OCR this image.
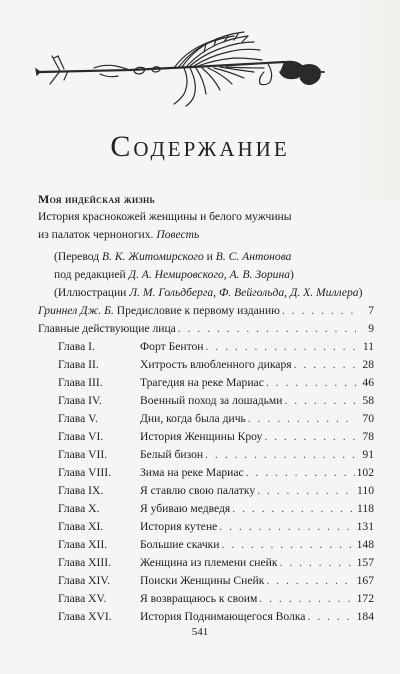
Содержание
Моя индейская жизнь
История краснокожей женщины и белого мужчины
из палаток черноногих. Повесть
(Перевод В. К. Житомирского и В. С. Антонова
под редакцией Д. А. Немировского, А. В. Зорина)
(Иллюстрации Л. М. Гольдберга, Ф. Вейгольда, Д. Х. Миллера)
Гриннел Дж. Б. Предисловие к первому изданию . . .	7
Главные действующие лица . . .	9
Глава I.	Форт Бентон . . .	11
Глава II.	Хитрость влюбленного дикаря . . .	28
Глава III.	Трагедия на реке Мариас . . .	46
Глава IV.	Военный поход за лошадьми . . .	58
Глава V.	Дни, когда была дичь . . .	70
Глава VI.	История Женщины Кроу . . .	78
Глава VII.	Белый бизон . . .	91
Глава VIII.	Зима на реке Мариас . . .	102
Глава IX.	Я ставлю свою палатку . . .	110
Глава X.	Я убиваю медведя . . .	118
Глава XI.	История кутене . . .	131
Глава XII.	Большие скачки . . .	148
Глава XIII.	Женщина из племени снейк . . .	157
Глава XIV.	Поиски Женщины Снейк . . .	167
Глава XV.	Я возвращаюсь к своим . . .	172
Глава XVI. История Поднимающегося Волка . . .	184
541
